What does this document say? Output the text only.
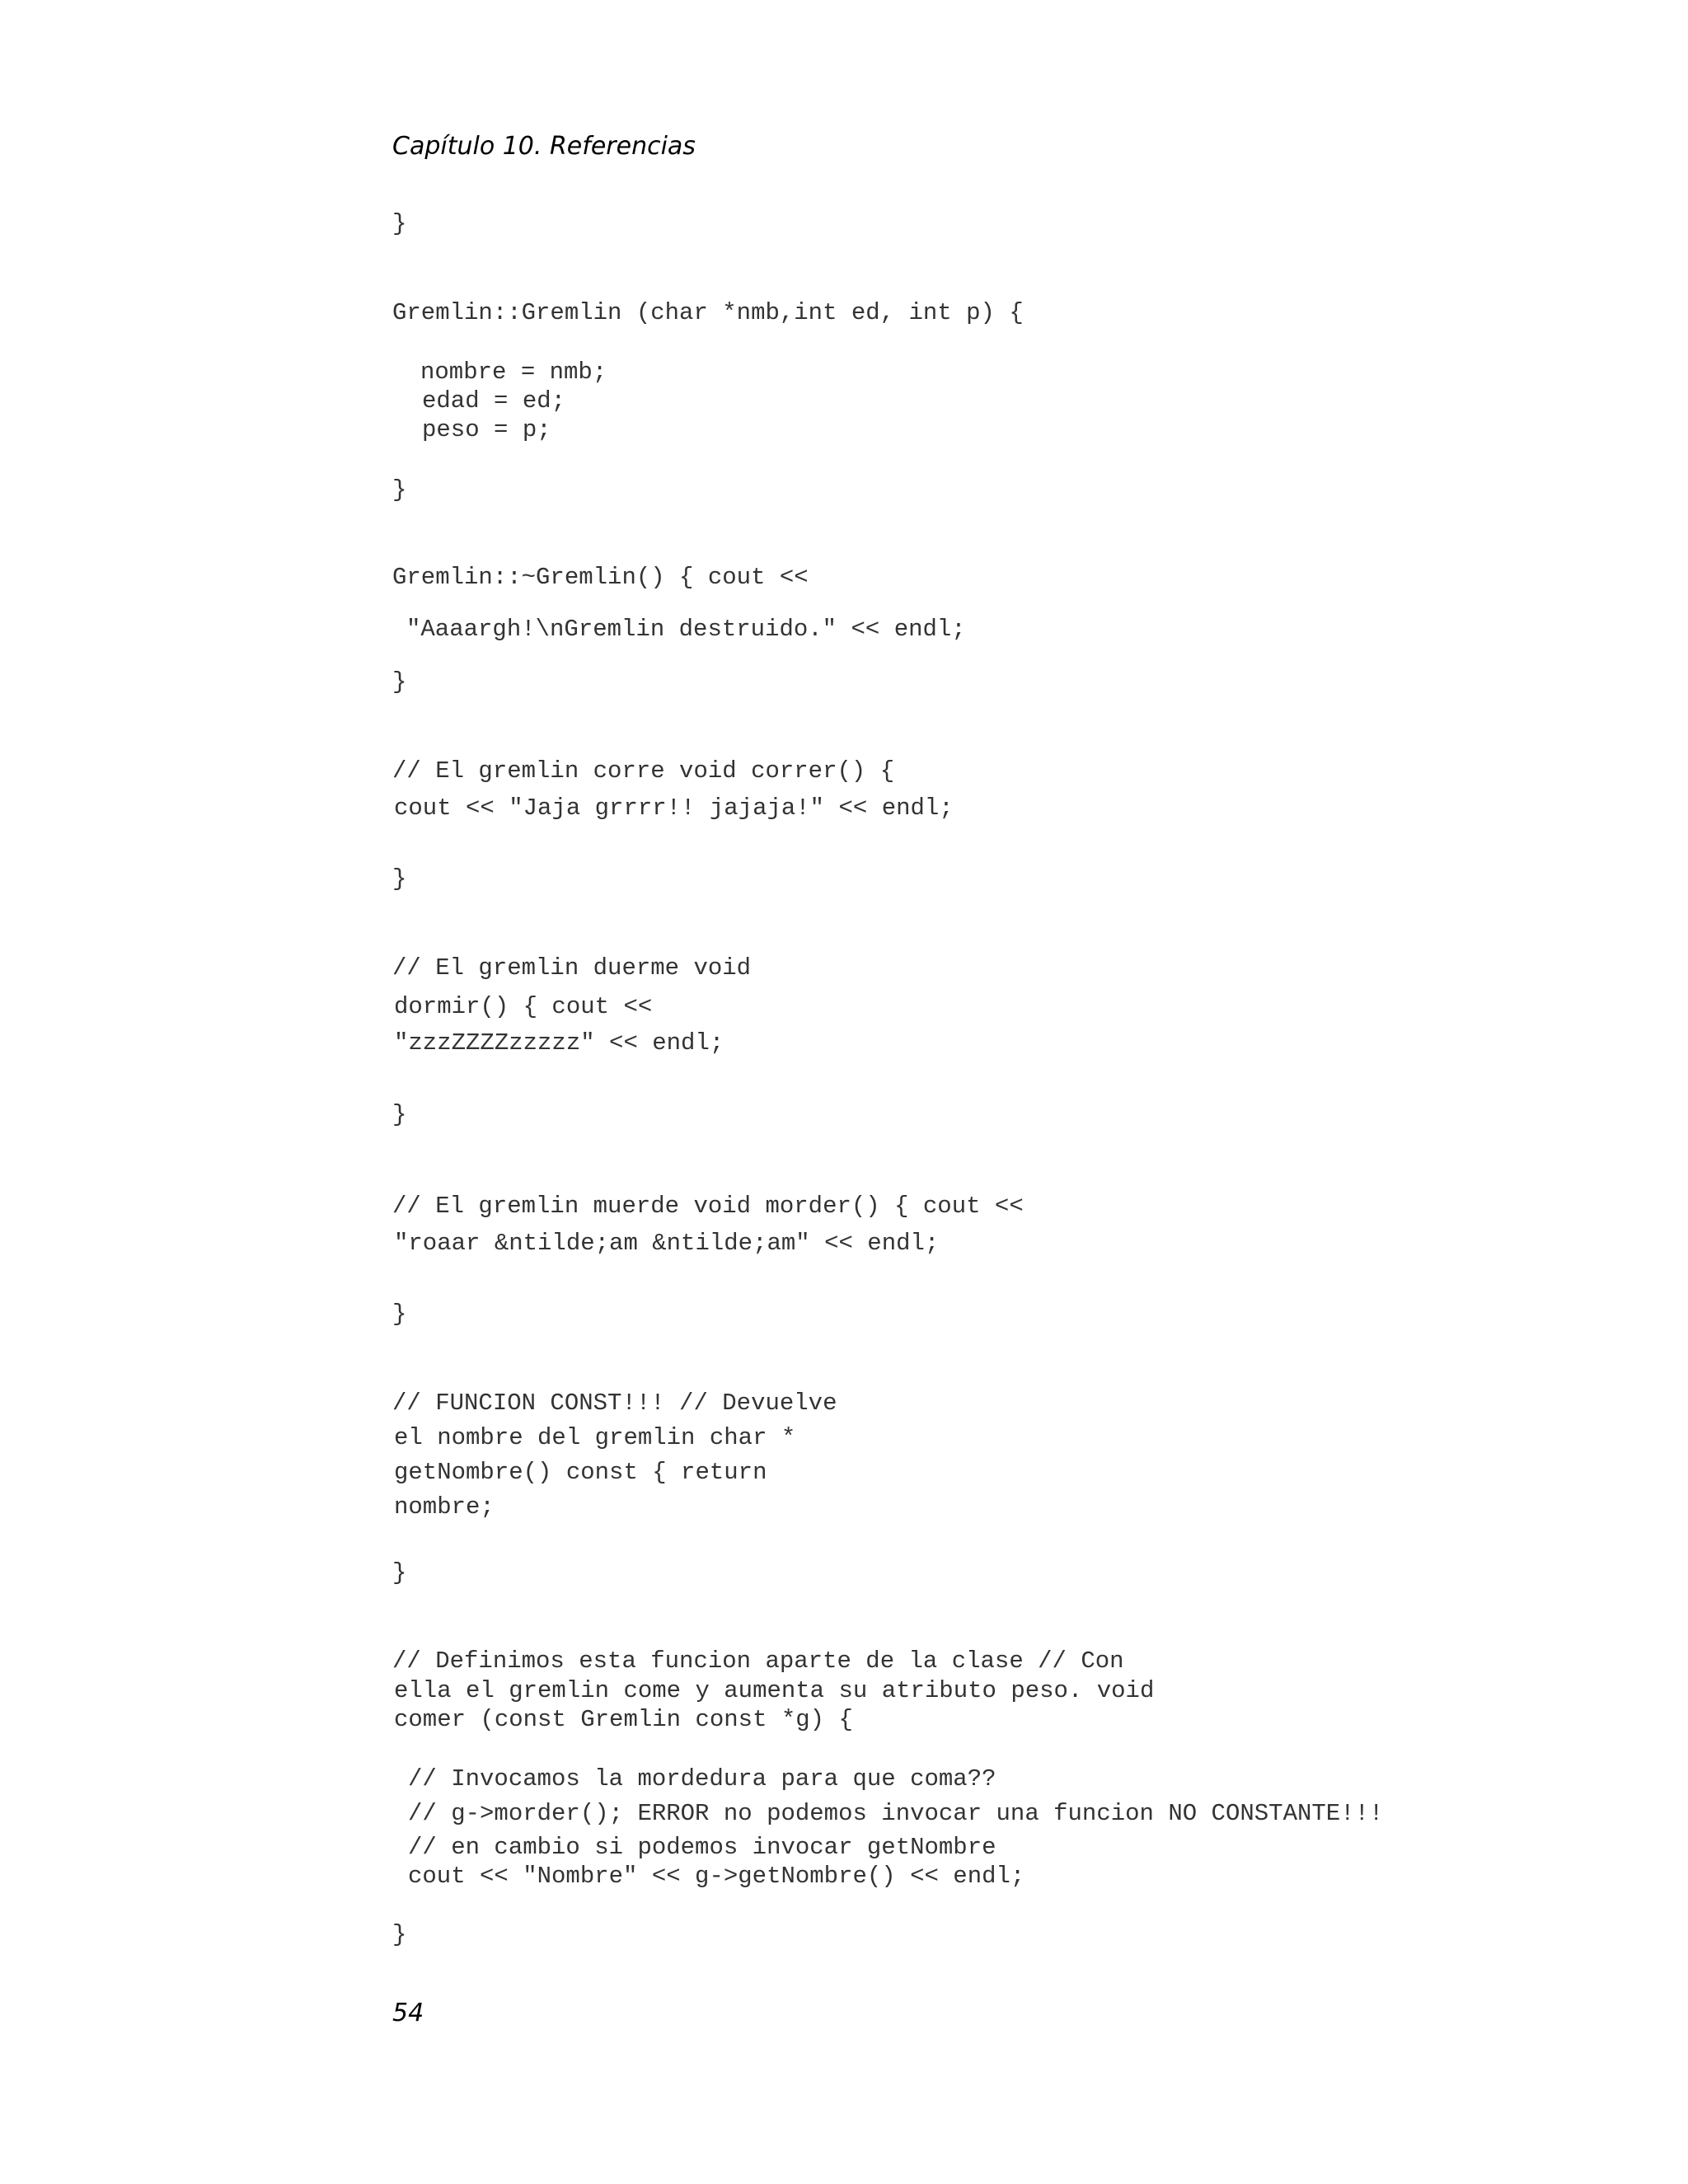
Capítulo 10. Referencias
}
Gremlin::Gremlin (char *nmb,int ed, int p) {
nombre = nmb;
edad = ed;
peso = p;
}
Gremlin::~Gremlin() { cout <<
"Aaaargh!\nGremlin destruido." << endl;
}
// El gremlin corre void correr() {
cout << "Jaja grrrr!! jajaja!" << endl;
}
// El gremlin duerme void
dormir() { cout <<
"zzzZZZZzzzzz" << endl;
}
// El gremlin muerde void morder() { cout <<
"roaar &ntilde;am &ntilde;am" << endl;
}
// FUNCION CONST!!! // Devuelve
el nombre del gremlin char *
getNombre() const { return
nombre;
}
// Definimos esta funcion aparte de la clase // Con
ella el gremlin come y aumenta su atributo peso. void
comer (const Gremlin const *g) {
// Invocamos la mordedura para que coma??
// g->morder(); ERROR no podemos invocar una funcion NO CONSTANTE!!!
// en cambio si podemos invocar getNombre
cout << "Nombre" << g->getNombre() << endl;
}
54
